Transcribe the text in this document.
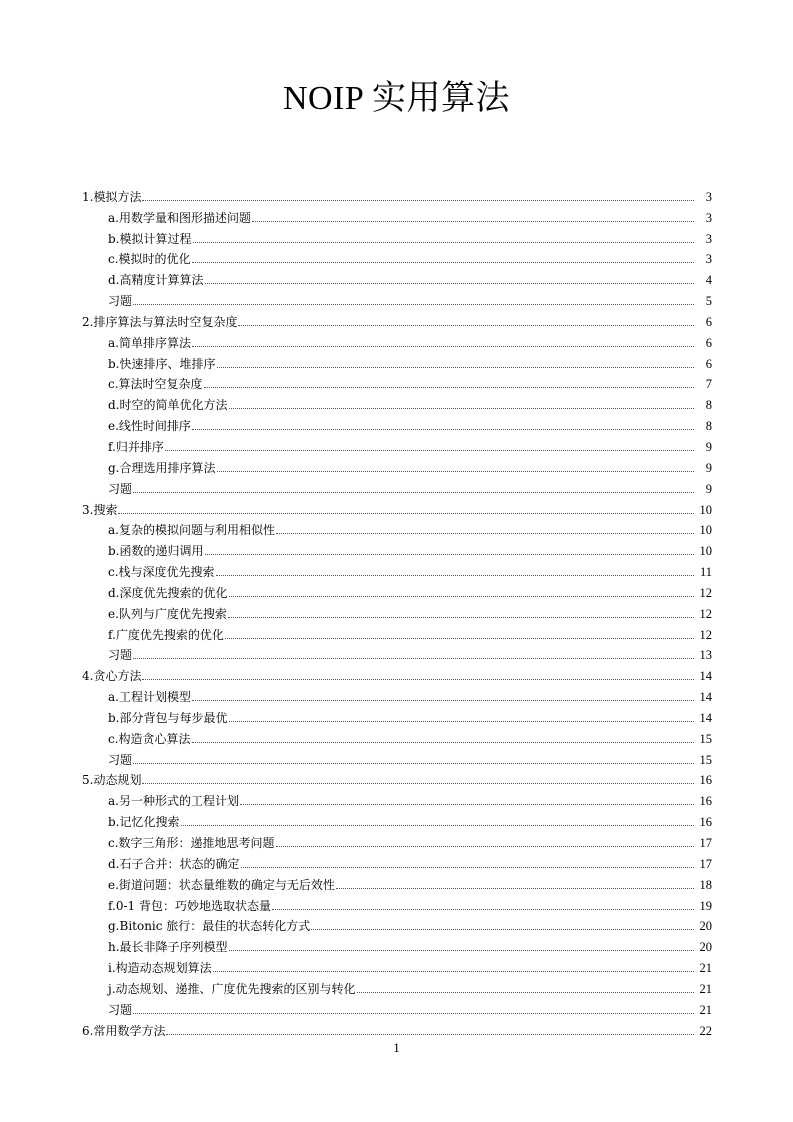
NOIP 实用算法
1.模拟方法	3
a.用数学量和图形描述问题	3
b.模拟计算过程	3
c.模拟时的优化	3
d.高精度计算算法	4
习题	5
2.排序算法与算法时空复杂度	6
a.简单排序算法	6
b.快速排序、堆排序	6
c.算法时空复杂度	7
d.时空的简单优化方法	8
e.线性时间排序	8
f.归并排序	9
g.合理选用排序算法	9
习题	9
3.搜索	10
a.复杂的模拟问题与利用相似性	10
b.函数的递归调用	10
c.栈与深度优先搜索	11
d.深度优先搜索的优化	12
e.队列与广度优先搜索	12
f.广度优先搜索的优化	12
习题	13
4.贪心方法	14
a.工程计划模型	14
b.部分背包与每步最优	14
c.构造贪心算法	15
习题	15
5.动态规划	16
a.另一种形式的工程计划	16
b.记忆化搜索	16
c.数字三角形：递推地思考问题	17
d.石子合并：状态的确定	17
e.街道问题：状态量维数的确定与无后效性	18
f.0-1 背包：巧妙地选取状态量	19
g.Bitonic 旅行：最佳的状态转化方式	20
h.最长非降子序列模型	20
i.构造动态规划算法	21
j.动态规划、递推、广度优先搜索的区别与转化	21
习题	21
6.常用数学方法	22
1
